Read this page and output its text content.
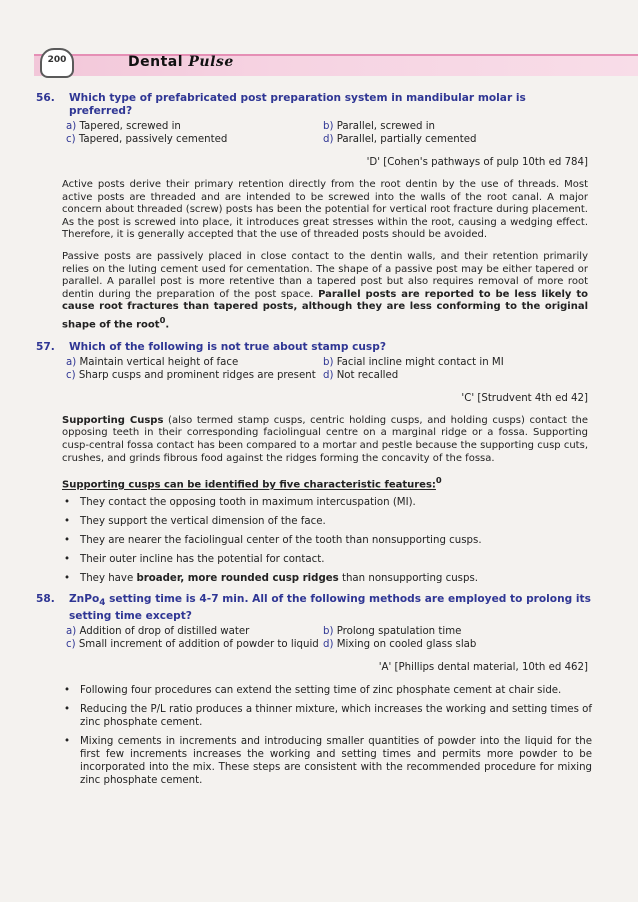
200	Dental Pulse
56.	Which type of prefabricated post preparation system in mandibular molar is preferred?
a) Tapered, screwed in	b) Parallel, screwed in
c) Tapered, passively cemented	d) Parallel, partially cemented
'D' [Cohen's pathways of pulp 10th ed 784]
Active posts derive their primary retention directly from the root dentin by the use of threads. Most active posts are threaded and are intended to be screwed into the walls of the root canal. A major concern about threaded (screw) posts has been the potential for vertical root fracture during placement. As the post is screwed into place, it introduces great stresses within the root, causing a wedging effect. Therefore, it is generally accepted that the use of threaded posts should be avoided.
Passive posts are passively placed in close contact to the dentin walls, and their retention primarily relies on the luting cement used for cementation. The shape of a passive post may be either tapered or parallel. A parallel post is more retentive than a tapered post but also requires removal of more root dentin during the preparation of the post space. Parallel posts are reported to be less likely to cause root fractures than tapered posts, although they are less conforming to the original shape of the root$^0$.
57.	Which of the following is not true about stamp cusp?
a) Maintain vertical height of face	b) Facial incline might contact in MI
c) Sharp cusps and prominent ridges are present d) Not recalled
'C' [Strudvent 4th ed 42]
Supporting Cusps (also termed stamp cusps, centric holding cusps, and holding cusps) contact the opposing teeth in their corresponding faciolingual centre on a marginal ridge or a fossa. Supporting cusp-central fossa contact has been compared to a mortar and pestle because the supporting cusp cuts, crushes, and grinds fibrous food against the ridges forming the concavity of the fossa.
Supporting cusps can be identified by five characteristic features:$^0$
• They contact the opposing tooth in maximum intercuspation (MI).
• They support the vertical dimension of the face.
• They are nearer the faciolingual center of the tooth than nonsupporting cusps.
• Their outer incline has the potential for contact.
• They have broader, more rounded cusp ridges than nonsupporting cusps.
58.	ZnPo$_4$ setting time is 4-7 min. All of the following methods are employed to prolong its setting time except?
a) Addition of drop of distilled water	b) Prolong spatulation time
c) Small increment of addition of powder to liquid d) Mixing on cooled glass slab
'A' [Phillips dental material, 10th ed 462]
• Following four procedures can extend the setting time of zinc phosphate cement at chair side.
• Reducing the P/L ratio produces a thinner mixture, which increases the working and setting times of zinc phosphate cement.
• Mixing cements in increments and introducing smaller quantities of powder into the liquid for the first few increments increases the working and setting times and permits more powder to be incorporated into the mix. These steps are consistent with the recommended procedure for mixing zinc phosphate cement.
